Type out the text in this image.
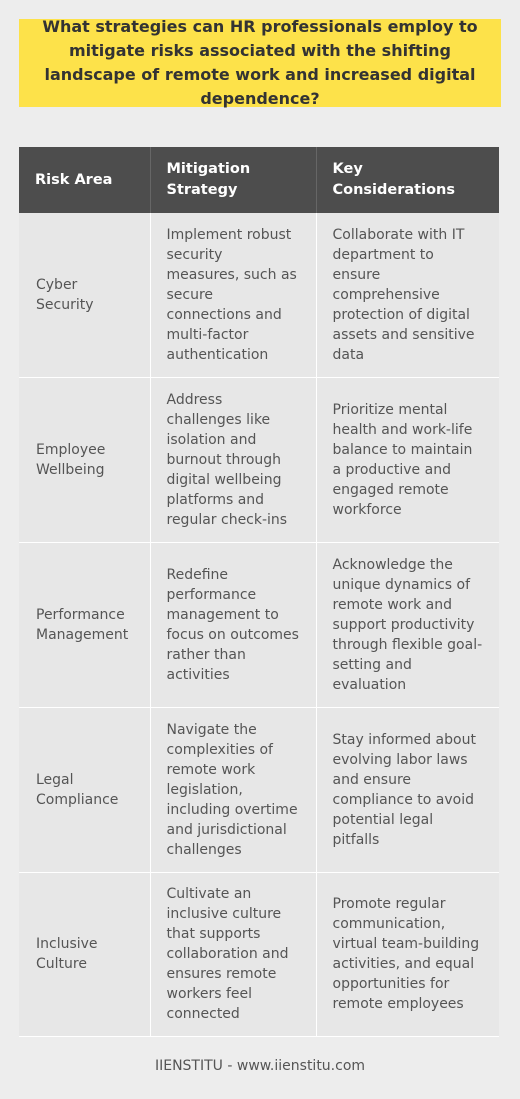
What strategies can HR professionals employ to mitigate risks associated with the shifting landscape of remote work and increased digital dependence?
Risk Area	Mitigation Strategy	Key Considerations
Cyber Security	Implement robust security measures, such as secure connections and multi-factor authentication	Collaborate with IT department to ensure comprehensive protection of digital assets and sensitive data
Employee Wellbeing	Address challenges like isolation and burnout through digital wellbeing platforms and regular check-ins	Prioritize mental health and work-life balance to maintain a productive and engaged remote workforce
Performance Management	Redefine performance management to focus on outcomes rather than activities	Acknowledge the unique dynamics of remote work and support productivity through flexible goal-setting and evaluation
Legal Compliance	Navigate the complexities of remote work legislation, including overtime and jurisdictional challenges	Stay informed about evolving labor laws and ensure compliance to avoid potential legal pitfalls
Inclusive Culture	Cultivate an inclusive culture that supports collaboration and ensures remote workers feel connected	Promote regular communication, virtual team-building activities, and equal opportunities for remote employees
IIENSTITU - www.iienstitu.com
